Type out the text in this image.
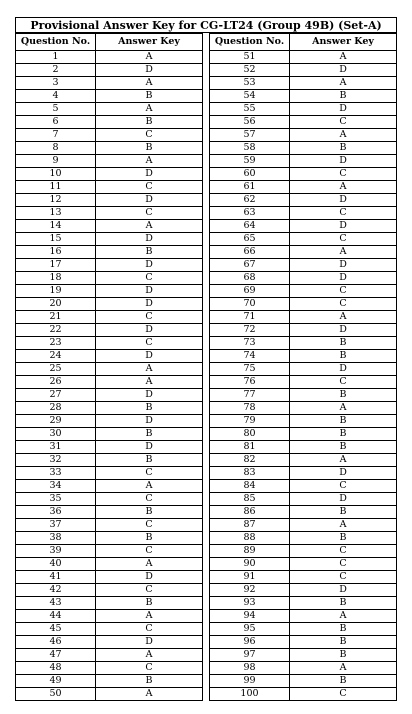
Provisional Answer Key for CG-LT24 (Group 49B) (Set-A)
Question No.	Answer Key
1	A
2	D
3	A
4	B
5	A
6	B
7	C
8	B
9	A
10	D
11	C
12	D
13	C
14	A
15	D
16	B
17	D
18	C
19	D
20	D
21	C
22	D
23	C
24	D
25	A
26	A
27	D
28	B
29	D
30	B
31	D
32	B
33	C
34	A
35	C
36	B
37	C
38	B
39	C
40	A
41	D
42	C
43	B
44	A
45	C
46	D
47	A
48	C
49	B
50	A
Question No.	Answer Key
51	A
52	D
53	A
54	B
55	D
56	C
57	A
58	B
59	D
60	C
61	A
62	D
63	C
64	D
65	C
66	A
67	D
68	D
69	C
70	C
71	A
72	D
73	B
74	B
75	D
76	C
77	B
78	A
79	B
80	B
81	B
82	A
83	D
84	C
85	D
86	B
87	A
88	B
89	C
90	C
91	C
92	D
93	B
94	A
95	B
96	B
97	B
98	A
99	B
100	C
